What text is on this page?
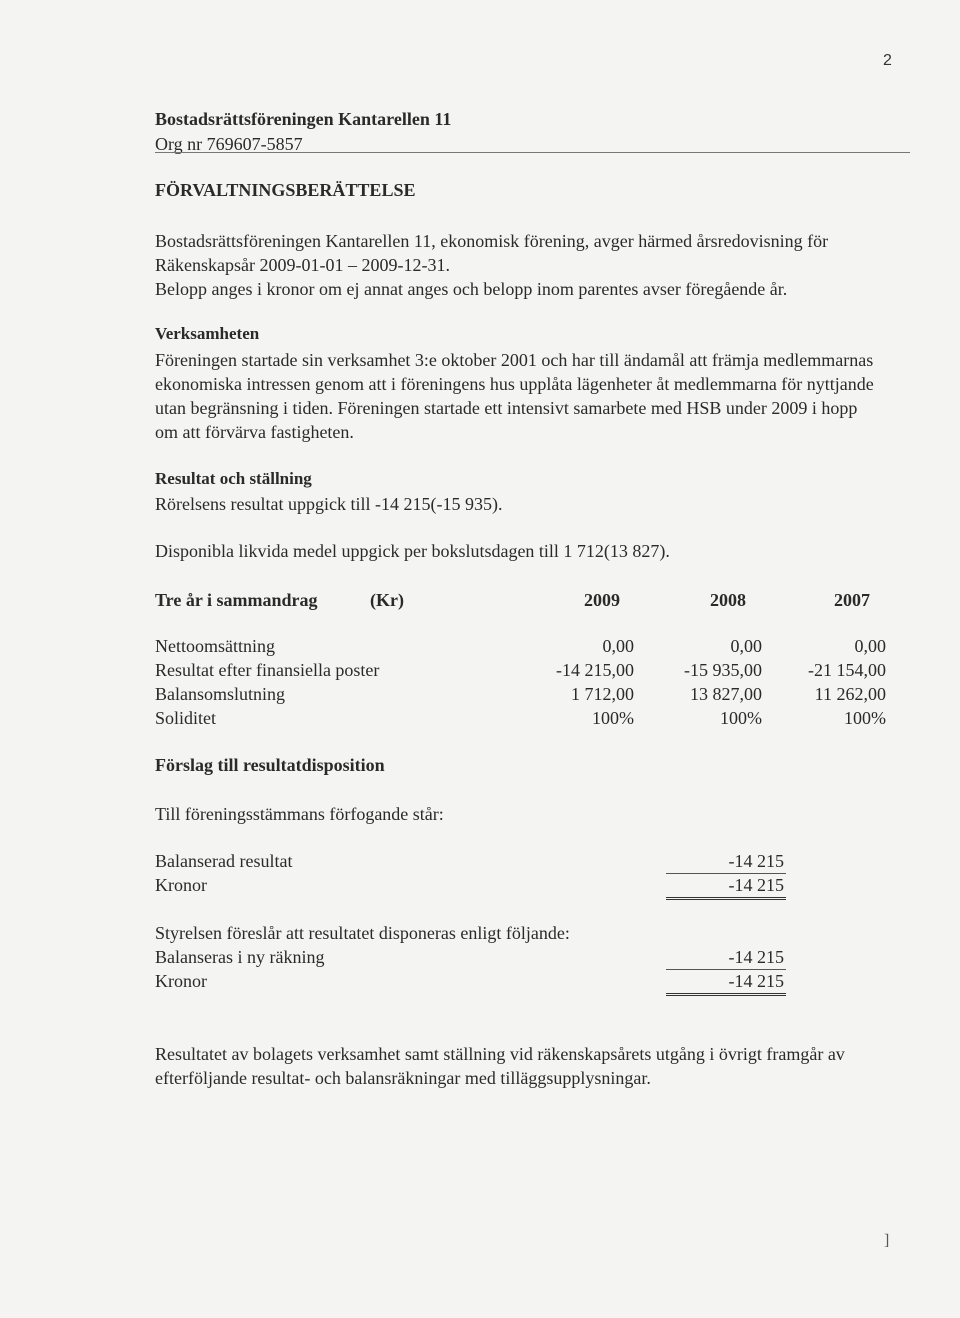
2
Bostadsrättsföreningen Kantarellen 11
Org nr 769607-5857
FÖRVALTNINGSBERÄTTELSE
Bostadsrättsföreningen Kantarellen 11, ekonomisk förening, avger härmed årsredovisning för
Räkenskapsår 2009-01-01 – 2009-12-31.
Belopp anges i kronor om ej annat anges och belopp inom parentes avser föregående år.
Verksamheten
Föreningen startade sin verksamhet 3:e oktober 2001 och har till ändamål att främja medlemmarnas
ekonomiska intressen genom att i föreningens hus upplåta lägenheter åt medlemmarna för nyttjande
utan begränsning i tiden. Föreningen startade ett intensivt samarbete med HSB under 2009 i hopp
om att förvärva fastigheten.
Resultat och ställning
Rörelsens resultat uppgick till -14 215(-15 935).
Disponibla likvida medel uppgick per bokslutsdagen till 1 712(13 827).
Tre år i sammandrag	(Kr)	2009	2008	2007
Nettoomsättning	0,00	0,00	0,00
Resultat efter finansiella poster	-14 215,00	-15 935,00	-21 154,00
Balansomslutning	1 712,00	13 827,00	11 262,00
Soliditet	100%	100%	100%
Förslag till resultatdisposition
Till föreningsstämmans förfogande står:
Balanserad resultat	-14 215
Kronor	-14 215
Styrelsen föreslår att resultatet disponeras enligt följande:
Balanseras i ny räkning	-14 215
Kronor	-14 215
Resultatet av bolagets verksamhet samt ställning vid räkenskapsårets utgång i övrigt framgår av
efterföljande resultat- och balansräkningar med tilläggsupplysningar.
]
